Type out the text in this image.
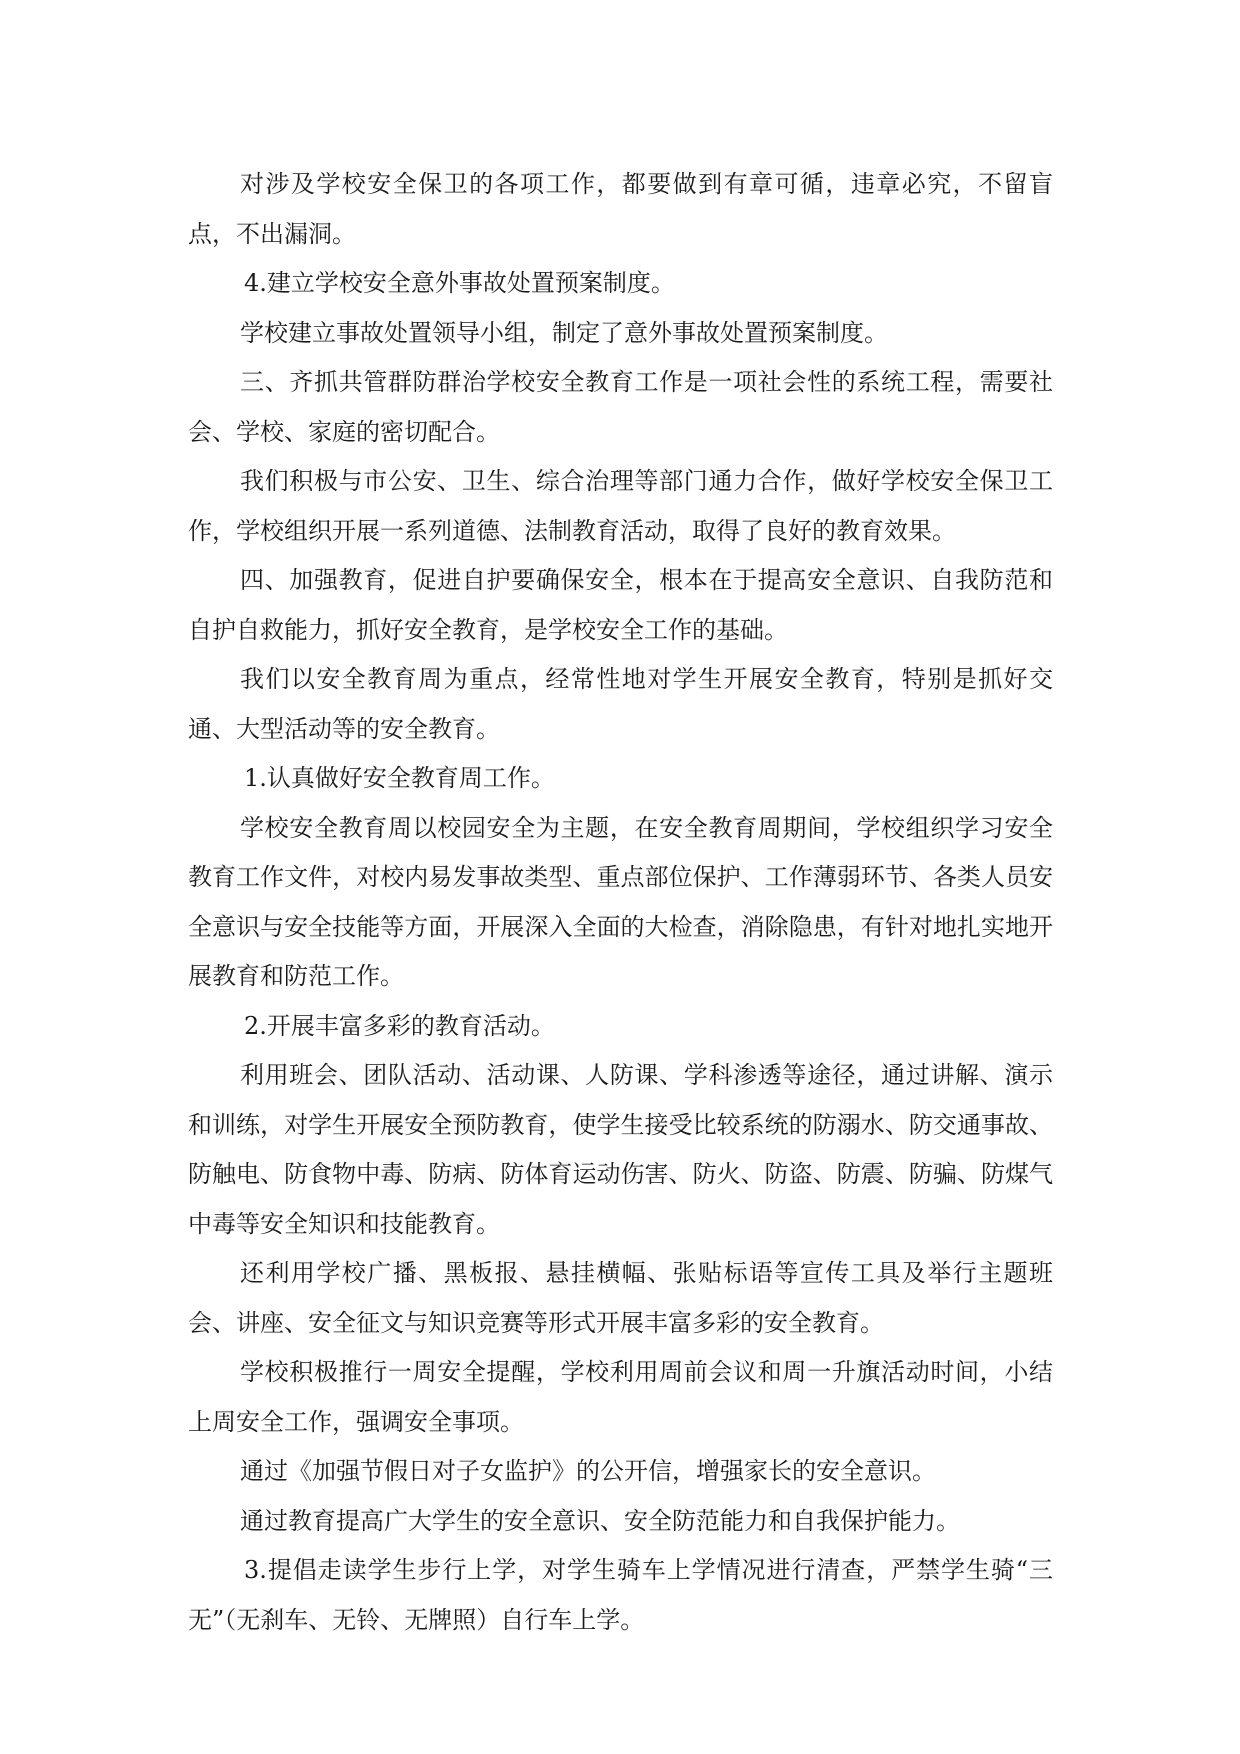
对涉及学校安全保卫的各项工作，都要做到有章可循，违章必究，不留盲点，不出漏洞。

4.建立学校安全意外事故处置预案制度。

学校建立事故处置领导小组，制定了意外事故处置预案制度。

三、齐抓共管群防群治学校安全教育工作是一项社会性的系统工程，需要社会、学校、家庭的密切配合。

我们积极与市公安、卫生、综合治理等部门通力合作，做好学校安全保卫工作，学校组织开展一系列道德、法制教育活动，取得了良好的教育效果。

四、加强教育，促进自护要确保安全，根本在于提高安全意识、自我防范和自护自救能力，抓好安全教育，是学校安全工作的基础。

我们以安全教育周为重点，经常性地对学生开展安全教育，特别是抓好交通、大型活动等的安全教育。

1.认真做好安全教育周工作。

学校安全教育周以校园安全为主题，在安全教育周期间，学校组织学习安全教育工作文件，对校内易发事故类型、重点部位保护、工作薄弱环节、各类人员安全意识与安全技能等方面，开展深入全面的大检查，消除隐患，有针对地扎实地开展教育和防范工作。

2.开展丰富多彩的教育活动。

利用班会、团队活动、活动课、人防课、学科渗透等途径，通过讲解、演示和训练，对学生开展安全预防教育，使学生接受比较系统的防溺水、防交通事故、防触电、防食物中毒、防病、防体育运动伤害、防火、防盗、防震、防骗、防煤气中毒等安全知识和技能教育。

还利用学校广播、黑板报、悬挂横幅、张贴标语等宣传工具及举行主题班会、讲座、安全征文与知识竞赛等形式开展丰富多彩的安全教育。

学校积极推行一周安全提醒，学校利用周前会议和周一升旗活动时间，小结上周安全工作，强调安全事项。

通过《加强节假日对子女监护》的公开信，增强家长的安全意识。

通过教育提高广大学生的安全意识、安全防范能力和自我保护能力。

3.提倡走读学生步行上学，对学生骑车上学情况进行清查，严禁学生骑“三无”（无刹车、无铃、无牌照）自行车上学。
